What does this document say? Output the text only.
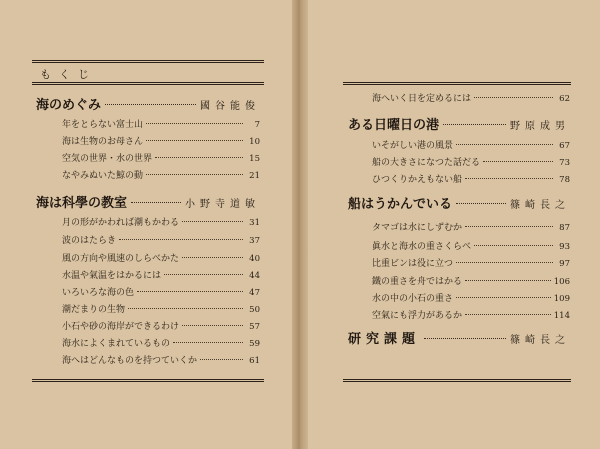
もくじ
海のめぐみ	國谷能俊
年をとらない富士山	7
海は生物のお母さん	10
空気の世界・水の世界	15
なやみぬいた鯨の動	21
海は科學の教室	小野寺道敏
月の形がかわれば潮もかわる	31
波のはたらき	37
風の方向や風速のしらべかた	40
水温や氣温をはかるには	44
いろいろな海の色	47
潮だまりの生物	50
小石や砂の海岸ができるわけ	57
海水によくまれているもの	59
海へはどんなものを持つていくか	61
海へいく日を定めるには	62
ある日曜日の港	野原成男
いそがしい港の風景	67
船の大きさになつた話だる	73
ひつくりかえもない船	78
船はうかんでいる	篠崎長之
タマゴは水にしずむか	87
眞水と海水の重さくらべ	93
比重ビンは役に立つ	97
鐵の重さを舟ではかる	106
水の中の小石の重さ	109
空氣にも浮力があるか	114
研究課題	篠崎長之
